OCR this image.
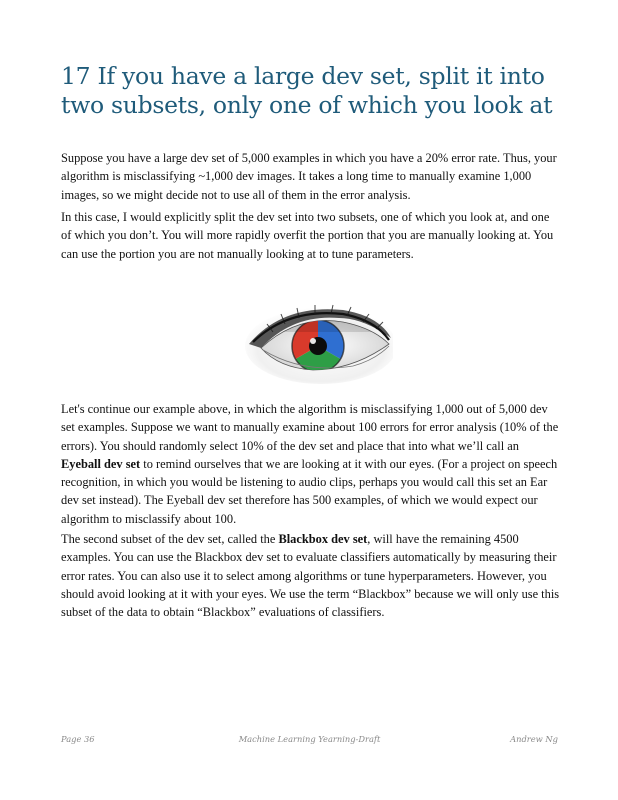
17 If you have a large dev set, split it into two subsets, only one of which you look at

Suppose you have a large dev set of 5,000 examples in which you have a 20% error rate. Thus, your algorithm is misclassifying ~1,000 dev images. It takes a long time to manually examine 1,000 images, so we might decide not to use all of them in the error analysis.

In this case, I would explicitly split the dev set into two subsets, one of which you look at, and one of which you don’t. You will more rapidly overfit the portion that you are manually looking at. You can use the portion you are not manually looking at to tune parameters.

Let's continue our example above, in which the algorithm is misclassifying 1,000 out of 5,000 dev set examples. Suppose we want to manually examine about 100 errors for error analysis (10% of the errors). You should randomly select 10% of the dev set and place that into what we’ll call an Eyeball dev set to remind ourselves that we are looking at it with our eyes. (For a project on speech recognition, in which you would be listening to audio clips, perhaps you would call this set an Ear dev set instead). The Eyeball dev set therefore has 500 examples, of which we would expect our algorithm to misclassify about 100.

The second subset of the dev set, called the Blackbox dev set, will have the remaining 4500 examples. You can use the Blackbox dev set to evaluate classifiers automatically by measuring their error rates. You can also use it to select among algorithms or tune hyperparameters. However, you should avoid looking at it with your eyes. We use the term “Blackbox” because we will only use this subset of the data to obtain “Blackbox” evaluations of classifiers.

Page 36	Machine Learning Yearning-Draft	Andrew Ng
